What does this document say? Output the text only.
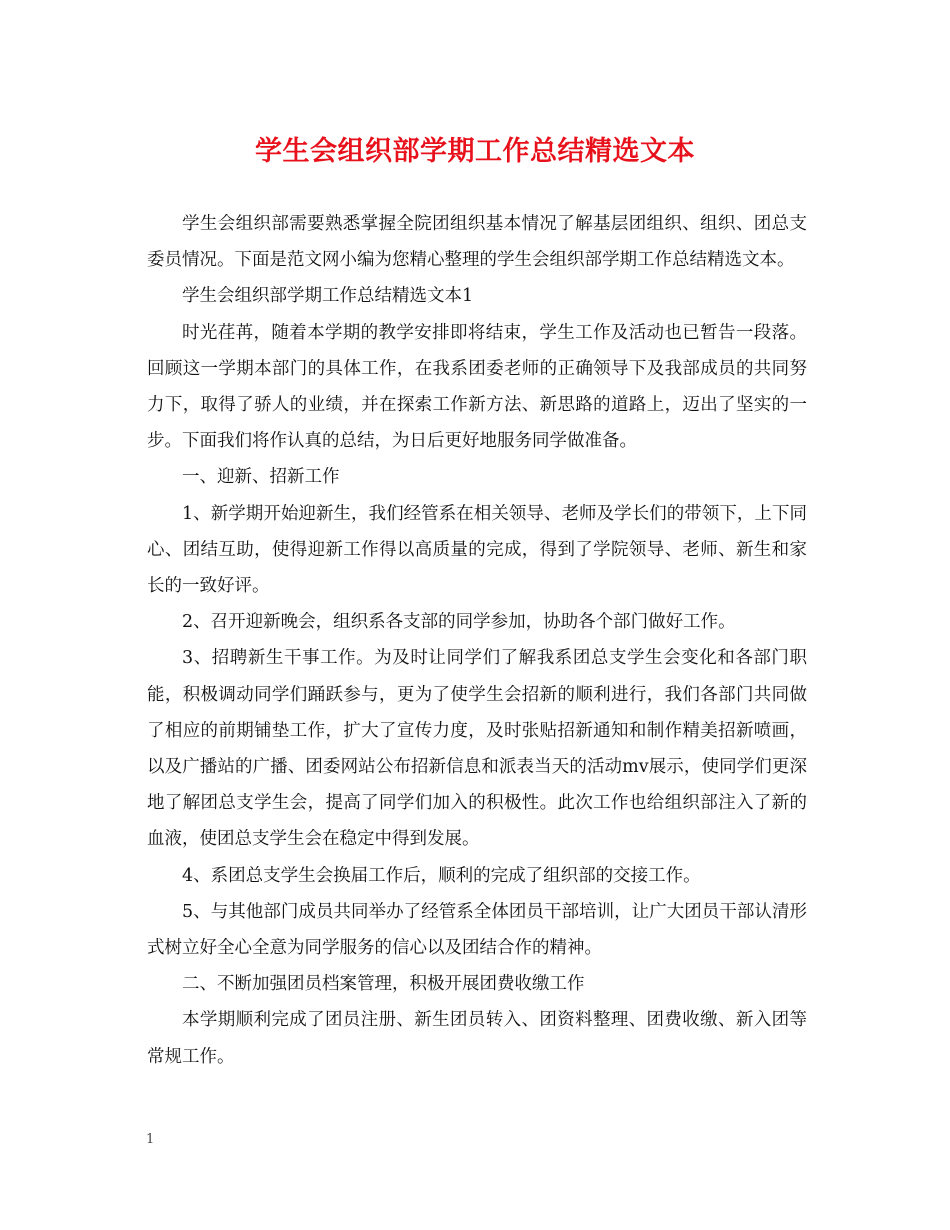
学生会组织部学期工作总结精选文本

学生会组织部需要熟悉掌握全院团组织基本情况了解基层团组织、组织、团总支委员情况。下面是范文网小编为您精心整理的学生会组织部学期工作总结精选文本。

学生会组织部学期工作总结精选文本1

时光荏苒，随着本学期的教学安排即将结束，学生工作及活动也已暂告一段落。回顾这一学期本部门的具体工作，在我系团委老师的正确领导下及我部成员的共同努力下，取得了骄人的业绩，并在探索工作新方法、新思路的道路上，迈出了坚实的一步。下面我们将作认真的总结，为日后更好地服务同学做准备。

一、迎新、招新工作

1、新学期开始迎新生，我们经管系在相关领导、老师及学长们的带领下，上下同心、团结互助，使得迎新工作得以高质量的完成，得到了学院领导、老师、新生和家长的一致好评。

2、召开迎新晚会，组织系各支部的同学参加，协助各个部门做好工作。

3、招聘新生干事工作。为及时让同学们了解我系团总支学生会变化和各部门职能，积极调动同学们踊跃参与，更为了使学生会招新的顺利进行，我们各部门共同做了相应的前期铺垫工作，扩大了宣传力度，及时张贴招新通知和制作精美招新喷画，以及广播站的广播、团委网站公布招新信息和派表当天的活动mv展示，使同学们更深地了解团总支学生会，提高了同学们加入的积极性。此次工作也给组织部注入了新的血液，使团总支学生会在稳定中得到发展。

4、系团总支学生会换届工作后，顺利的完成了组织部的交接工作。

5、与其他部门成员共同举办了经管系全体团员干部培训，让广大团员干部认清形式树立好全心全意为同学服务的信心以及团结合作的精神。

二、不断加强团员档案管理，积极开展团费收缴工作

本学期顺利完成了团员注册、新生团员转入、团资料整理、团费收缴、新入团等常规工作。

1
